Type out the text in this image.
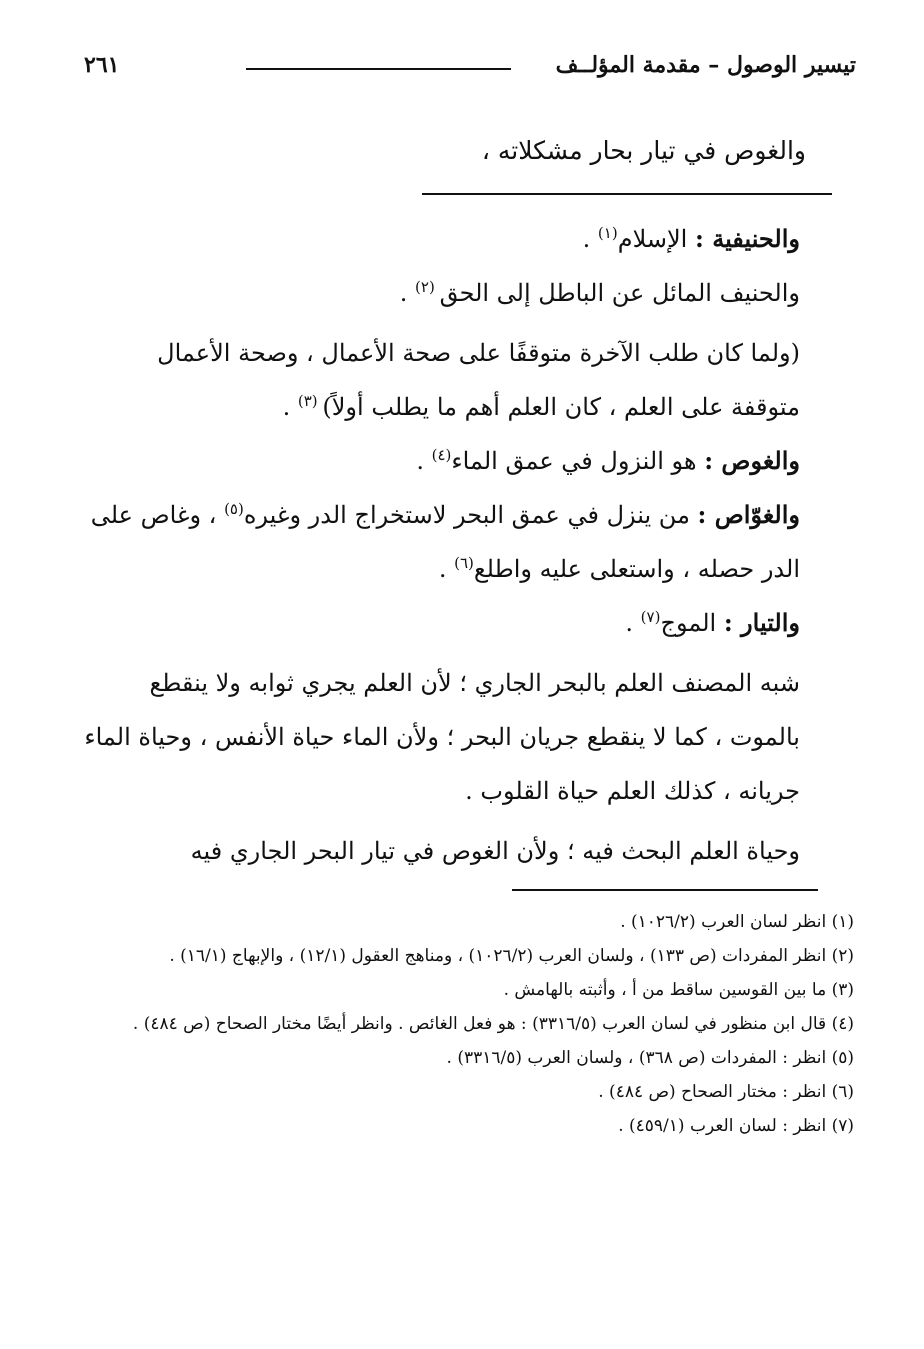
تيسير الوصول – مقدمة المؤلــف
٢٦١
والغوص في تيار بحار مشكلاته ،

والحنيفية : الإسلام$^{(١)}$ .

والحنيف المائل عن الباطل إلى الحق $^{(٢)}$ .

(ولما كان طلب الآخرة متوقفًا على صحة الأعمال ، وصحة الأعمال متوقفة على العلم ، كان العلم أهم ما يطلب أولاً) $^{(٣)}$ .

والغوص : هو النزول في عمق الماء$^{(٤)}$ .

والغوّاص : من ينزل في عمق البحر لاستخراج الدر وغيره$^{(٥)}$ ، وغاص على الدر حصله ، واستعلى عليه واطلع$^{(٦)}$ .

والتيار : الموج$^{(٧)}$ .

شبه المصنف العلم بالبحر الجاري ؛ لأن العلم يجري ثوابه ولا ينقطع بالموت ، كما لا ينقطع جريان البحر ؛ ولأن الماء حياة الأنفس ، وحياة الماء جريانه ، كذلك العلم حياة القلوب .

وحياة العلم البحث فيه ؛ ولأن الغوص في تيار البحر الجاري فيه

(١) انظر لسان العرب (١٠٢٦/٢) .

(٢) انظر المفردات (ص ١٣٣) ، ولسان العرب (١٠٢٦/٢) ، ومناهج العقول (١٢/١) ، والإبهاج (١٦/١) .

(٣) ما بين القوسين ساقط من أ ، وأثبته بالهامش .

(٤) قال ابن منظور في لسان العرب (٣٣١٦/٥) : هو فعل الغائص . وانظر أيضًا مختار الصحاح (ص ٤٨٤) .

(٥) انظر : المفردات (ص ٣٦٨) ، ولسان العرب (٣٣١٦/٥) .

(٦) انظر : مختار الصحاح (ص ٤٨٤) .

(٧) انظر : لسان العرب (٤٥٩/١) .
